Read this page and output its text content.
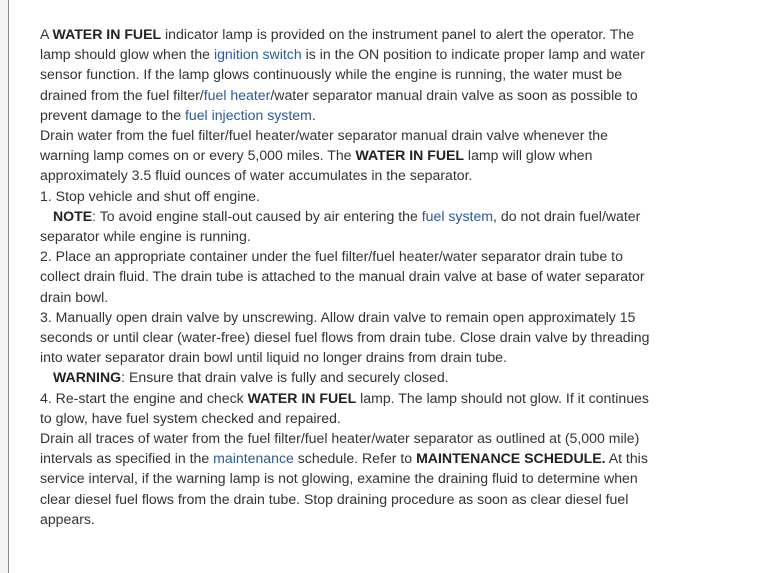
A WATER IN FUEL indicator lamp is provided on the instrument panel to alert the operator. The
lamp should glow when the ignition switch is in the ON position to indicate proper lamp and water
sensor function. If the lamp glows continuously while the engine is running, the water must be
drained from the fuel filter/fuel heater/water separator manual drain valve as soon as possible to
prevent damage to the fuel injection system.
Drain water from the fuel filter/fuel heater/water separator manual drain valve whenever the
warning lamp comes on or every 5,000 miles. The WATER IN FUEL lamp will glow when
approximately 3.5 fluid ounces of water accumulates in the separator.
1. Stop vehicle and shut off engine.
NOTE: To avoid engine stall-out caused by air entering the fuel system, do not drain fuel/water
separator while engine is running.
2. Place an appropriate container under the fuel filter/fuel heater/water separator drain tube to
collect drain fluid. The drain tube is attached to the manual drain valve at base of water separator
drain bowl.
3. Manually open drain valve by unscrewing. Allow drain valve to remain open approximately 15
seconds or until clear (water-free) diesel fuel flows from drain tube. Close drain valve by threading
into water separator drain bowl until liquid no longer drains from drain tube.
WARNING: Ensure that drain valve is fully and securely closed.
4. Re-start the engine and check WATER IN FUEL lamp. The lamp should not glow. If it continues
to glow, have fuel system checked and repaired.
Drain all traces of water from the fuel filter/fuel heater/water separator as outlined at (5,000 mile)
intervals as specified in the maintenance schedule. Refer to MAINTENANCE SCHEDULE. At this
service interval, if the warning lamp is not glowing, examine the draining fluid to determine when
clear diesel fuel flows from the drain tube. Stop draining procedure as soon as clear diesel fuel
appears.
